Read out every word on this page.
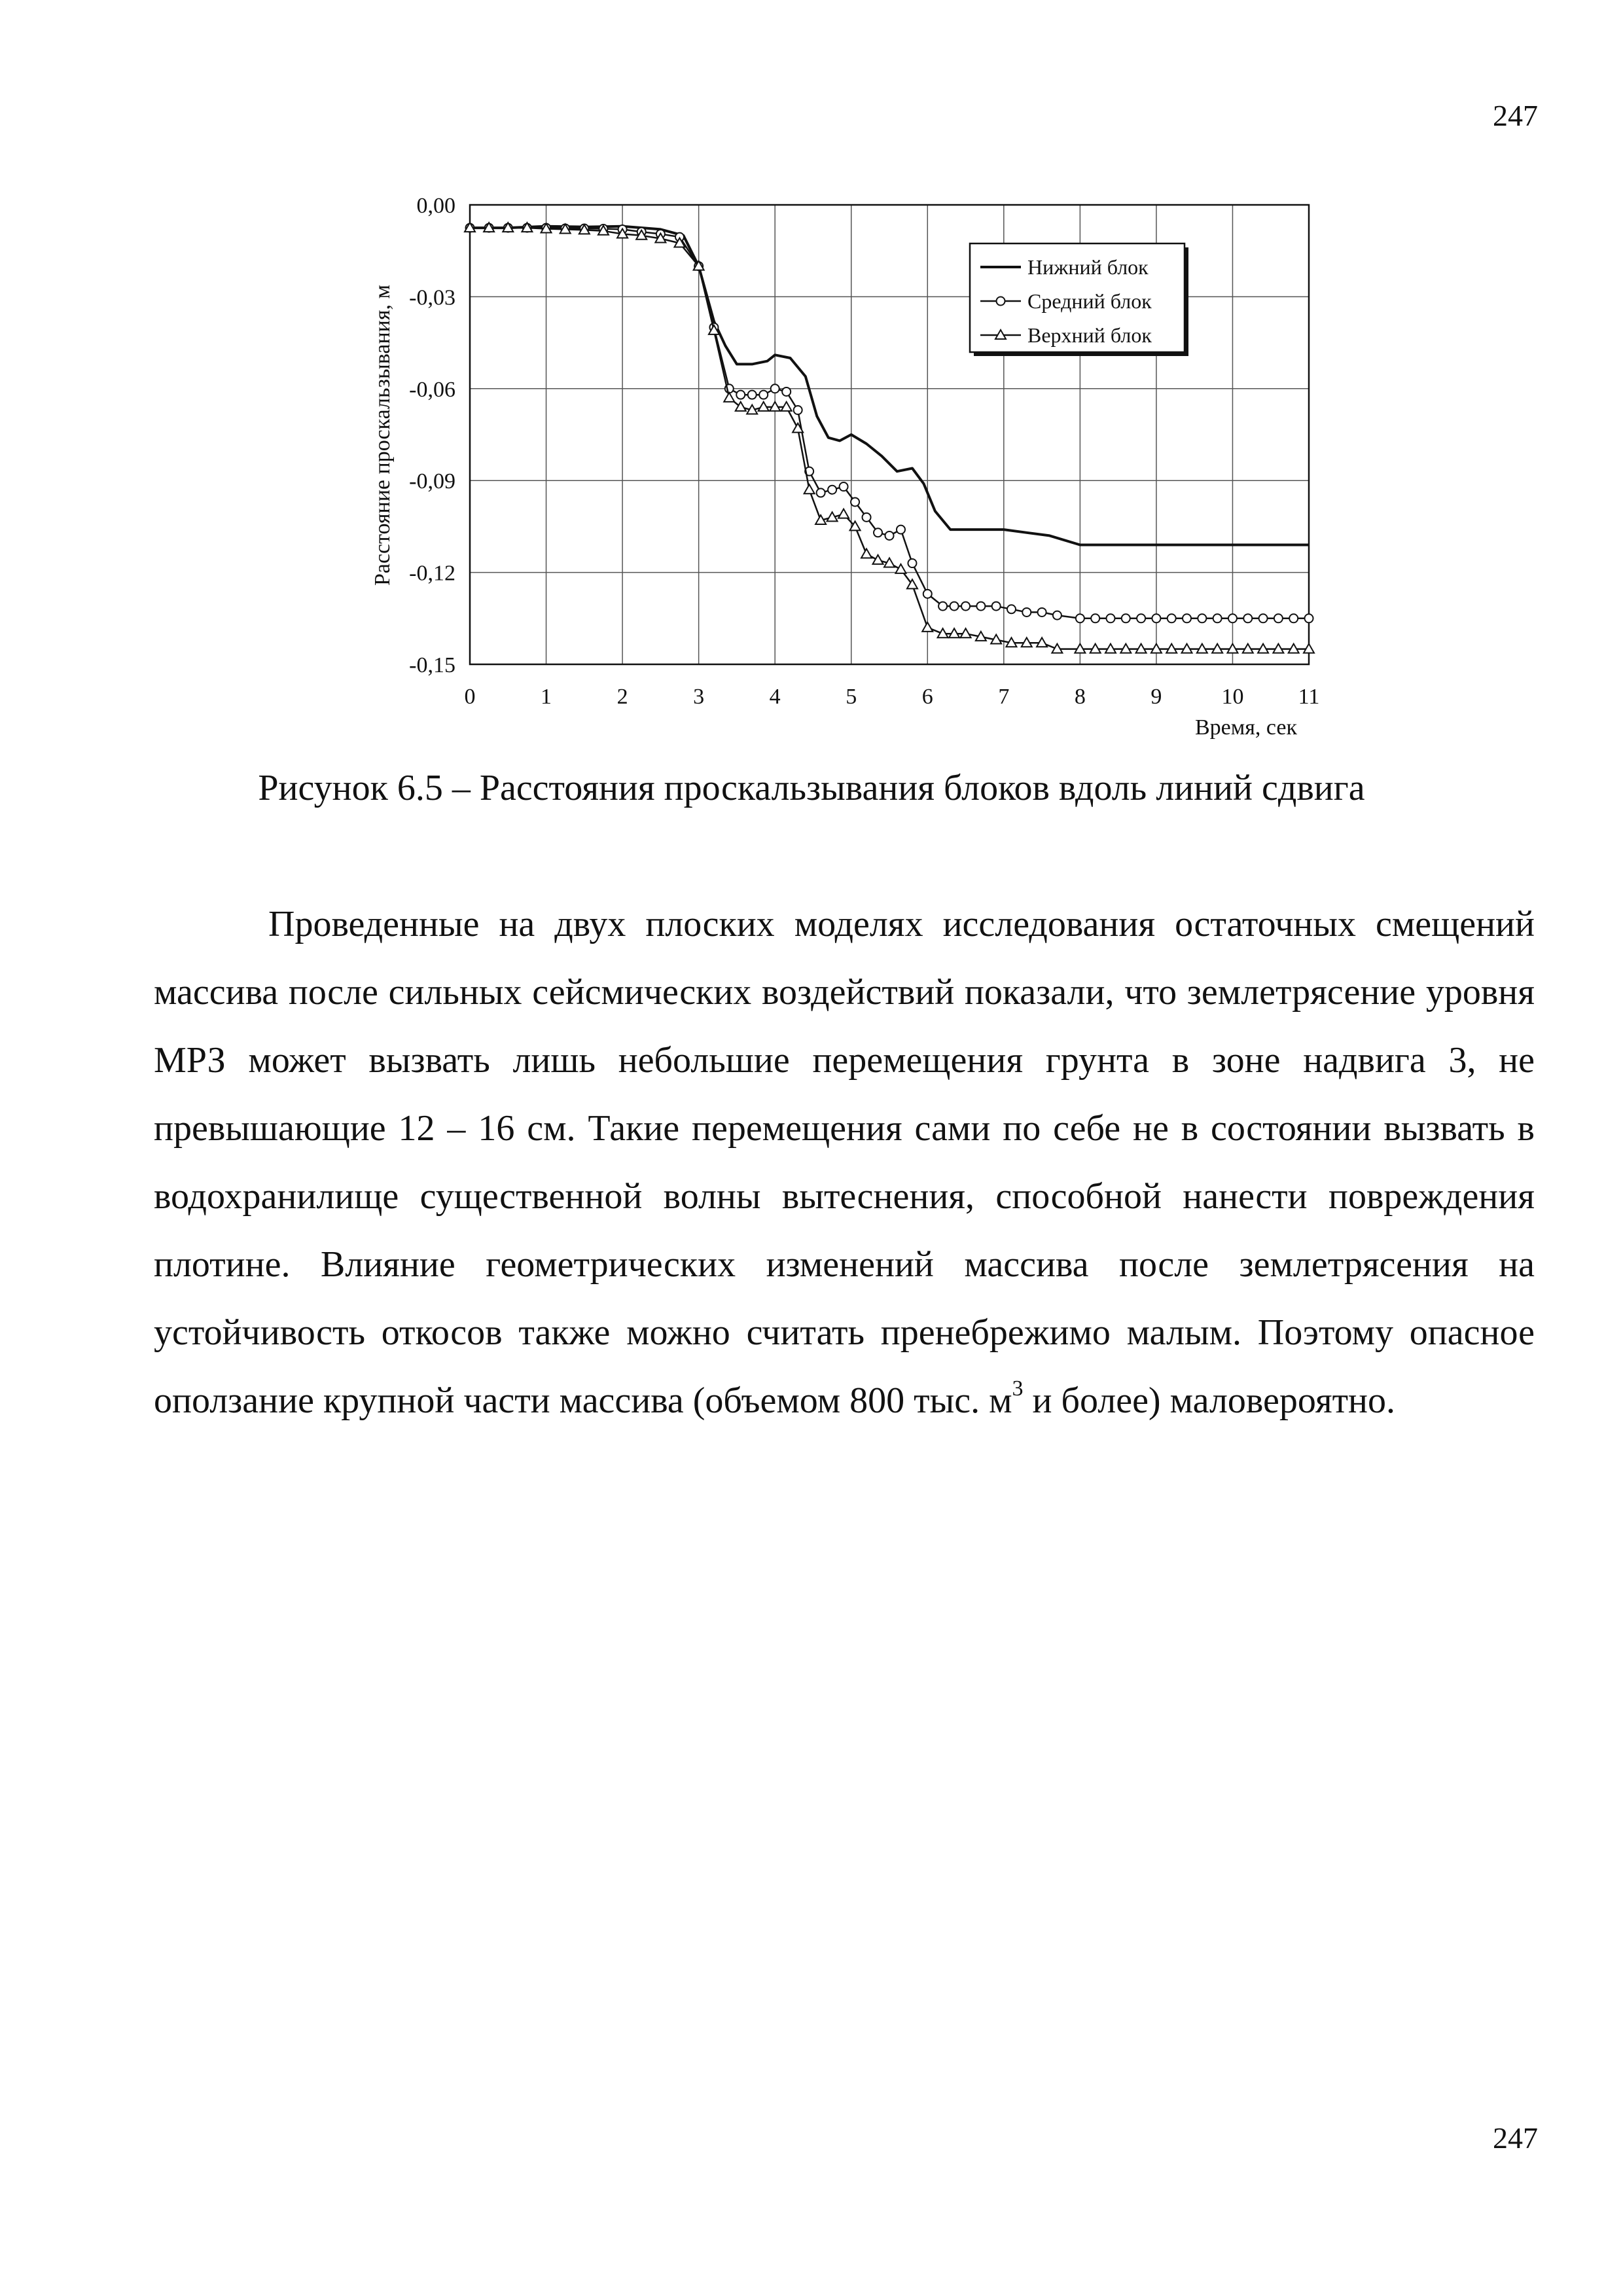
247
0	1	2	3	4	5	6	7	8	9	10 11
0,00
-0,03
-0,06
-0,09
-0,12
-0,15
Расстояние проскальзывания, м
Время, сек
Нижний блок
Средний блок
Верхний блок
Рисунок 6.5 – Расстояния проскальзывания блоков вдоль линий сдвига

Проведенные на двух плоских моделях исследования остаточных смещений массива после сильных сейсмических воздействий показали, что землетрясение уровня МРЗ может вызвать лишь небольшие перемещения грунта в зоне надвига 3, не превышающие 12 – 16 см. Такие перемещения сами по себе не в состоянии вызвать в водохранилище существенной волны вытеснения, способной нанести повреждения плотине. Влияние геометрических изменений массива после землетрясения на устойчивость откосов также можно считать пренебрежимо малым. Поэтому опасное оползание крупной части массива (объемом 800 тыс. $м^3$ и более) маловероятно.

247
